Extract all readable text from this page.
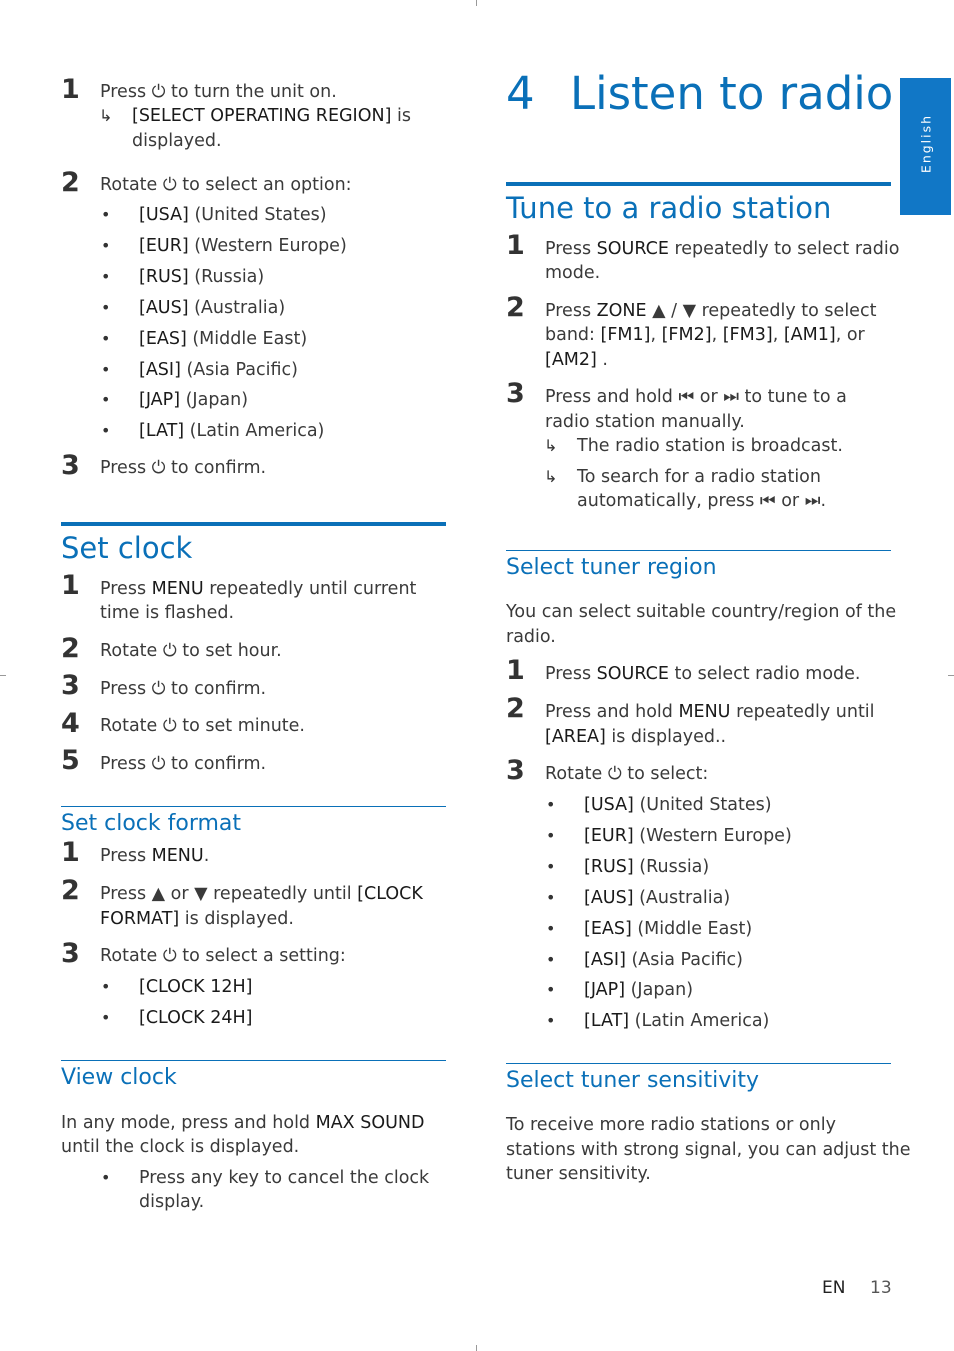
English
1 Press ⏻ to turn the unit on.
↳ [SELECT OPERATING REGION] is
displayed.
2 Rotate ⏻ to select an option:
• [USA] (United States)
• [EUR] (Western Europe)
• [RUS] (Russia)
• [AUS] (Australia)
• [EAS] (Middle East)
• [ASI] (Asia Pacific)
• [JAP] (Japan)
• [LAT] (Latin America)
3 Press ⏻ to confirm.
Set clock
1 Press MENU repeatedly until current
time is flashed.
2 Rotate ⏻ to set hour.
3 Press ⏻ to confirm.
4 Rotate ⏻ to set minute.
5 Press ⏻ to confirm.
Set clock format
1 Press MENU.
2 Press ▲ or ▼ repeatedly until [CLOCK
FORMAT] is displayed.
3 Rotate ⏻ to select a setting:
• [CLOCK 12H]
• [CLOCK 24H]
View clock
In any mode, press and hold MAX SOUND
until the clock is displayed.
• Press any key to cancel the clock
display.
4 Listen to radio
Tune to a radio station
1 Press SOURCE repeatedly to select radio
mode.
2 Press ZONE ▲ / ▼ repeatedly to select
band: [FM1], [FM2], [FM3], [AM1], or
[AM2] .
3 Press and hold ⏮ or ⏭ to tune to a
radio station manually.
↳ The radio station is broadcast.
↳ To search for a radio station
automatically, press ⏮ or ⏭.
Select tuner region
You can select suitable country/region of the
radio.
1 Press SOURCE to select radio mode.
2 Press and hold MENU repeatedly until
[AREA] is displayed..
3 Rotate ⏻ to select:
• [USA] (United States)
• [EUR] (Western Europe)
• [RUS] (Russia)
• [AUS] (Australia)
• [EAS] (Middle East)
• [ASI] (Asia Pacific)
• [JAP] (Japan)
• [LAT] (Latin America)
Select tuner sensitivity
To receive more radio stations or only
stations with strong signal, you can adjust the
tuner sensitivity.
EN 13
